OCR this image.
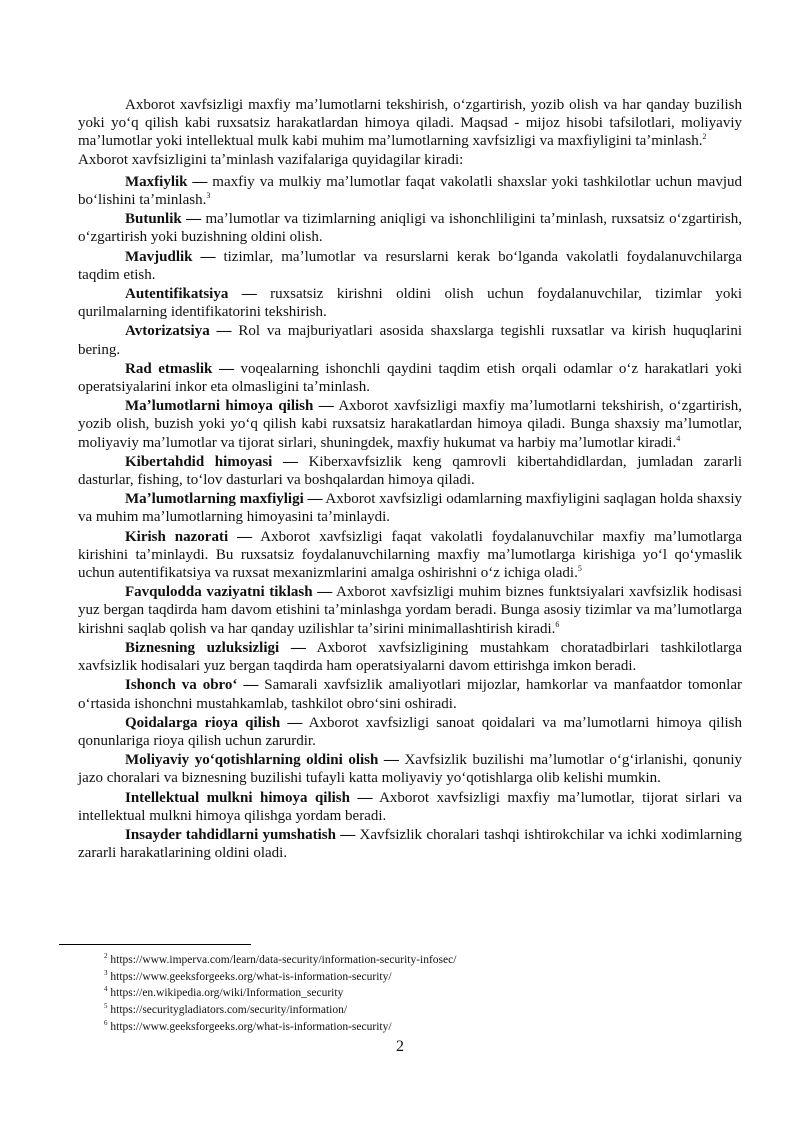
Axborot xavfsizligi maxfiy maʼlumotlarni tekshirish, oʻzgartirish, yozib olish va har qanday buzilish yoki yoʻq qilish kabi ruxsatsiz harakatlardan himoya qiladi. Maqsad - mijoz hisobi tafsilotlari, moliyaviy maʼlumotlar yoki intellektual mulk kabi muhim maʼlumotlarning xavfsizligi va maxfiyligini taʼminlash.$^2$

Axborot xavfsizligini taʼminlash vazifalariga quyidagilar kiradi:

Maxfiylik — maxfiy va mulkiy maʼlumotlar faqat vakolatli shaxslar yoki tashkilotlar uchun mavjud boʻlishini taʼminlash.$^3$

Butunlik — maʼlumotlar va tizimlarning aniqligi va ishonchliligini taʼminlash, ruxsatsiz oʻzgartirish, oʻzgartirish yoki buzishning oldini olish.

Mavjudlik — tizimlar, maʼlumotlar va resurslarni kerak boʻlganda vakolatli foydalanuvchilarga taqdim etish.

Autentifikatsiya — ruxsatsiz kirishni oldini olish uchun foydalanuvchilar, tizimlar yoki qurilmalarning identifikatorini tekshirish.

Avtorizatsiya — Rol va majburiyatlari asosida shaxslarga tegishli ruxsatlar va kirish huquqlarini bering.

Rad etmaslik — voqealarning ishonchli qaydini taqdim etish orqali odamlar oʻz harakatlari yoki operatsiyalarini inkor eta olmasligini taʼminlash.

Maʼlumotlarni himoya qilish — Axborot xavfsizligi maxfiy maʼlumotlarni tekshirish, oʻzgartirish, yozib olish, buzish yoki yoʻq qilish kabi ruxsatsiz harakatlardan himoya qiladi. Bunga shaxsiy maʼlumotlar, moliyaviy maʼlumotlar va tijorat sirlari, shuningdek, maxfiy hukumat va harbiy maʼlumotlar kiradi.$^4$

Kibertahdid himoyasi — Kiberxavfsizlik keng qamrovli kibertahdidlardan, jumladan zararli dasturlar, fishing, toʻlov dasturlari va boshqalardan himoya qiladi.

Maʼlumotlarning maxfiyligi — Axborot xavfsizligi odamlarning maxfiyligini saqlagan holda shaxsiy va muhim maʼlumotlarning himoyasini taʼminlaydi.

Kirish nazorati — Axborot xavfsizligi faqat vakolatli foydalanuvchilar maxfiy maʼlumotlarga kirishini taʼminlaydi. Bu ruxsatsiz foydalanuvchilarning maxfiy maʼlumotlarga kirishiga yoʻl qoʻymaslik uchun autentifikatsiya va ruxsat mexanizmlarini amalga oshirishni oʻz ichiga oladi.$^5$

Favqulodda vaziyatni tiklash — Axborot xavfsizligi muhim biznes funktsiyalari xavfsizlik hodisasi yuz bergan taqdirda ham davom etishini taʼminlashga yordam beradi. Bunga asosiy tizimlar va maʼlumotlarga kirishni saqlab qolish va har qanday uzilishlar taʼsirini minimallashtirish kiradi.$^6$

Biznesning uzluksizligi — Axborot xavfsizligining mustahkam choratadbirlari tashkilotlarga xavfsizlik hodisalari yuz bergan taqdirda ham operatsiyalarni davom ettirishga imkon beradi.

Ishonch va obroʻ — Samarali xavfsizlik amaliyotlari mijozlar, hamkorlar va manfaatdor tomonlar oʻrtasida ishonchni mustahkamlab, tashkilot obroʻsini oshiradi.

Qoidalarga rioya qilish — Axborot xavfsizligi sanoat qoidalari va maʼlumotlarni himoya qilish qonunlariga rioya qilish uchun zarurdir.

Moliyaviy yoʻqotishlarning oldini olish — Xavfsizlik buzilishi maʼlumotlar oʻgʻirlanishi, qonuniy jazo choralari va biznesning buzilishi tufayli katta moliyaviy yoʻqotishlarga olib kelishi mumkin.

Intellektual mulkni himoya qilish — Axborot xavfsizligi maxfiy maʼlumotlar, tijorat sirlari va intellektual mulkni himoya qilishga yordam beradi.

Insayder tahdidlarni yumshatish — Xavfsizlik choralari tashqi ishtirokchilar va ichki xodimlarning zararli harakatlarining oldini oladi.

$^2$ https://www.imperva.com/learn/data-security/information-security-infosec/
$^3$ https://www.geeksforgeeks.org/what-is-information-security/
$^4$ https://en.wikipedia.org/wiki/Information_security
$^5$ https://securitygladiators.com/security/information/
$^6$ https://www.geeksforgeeks.org/what-is-information-security/
2
